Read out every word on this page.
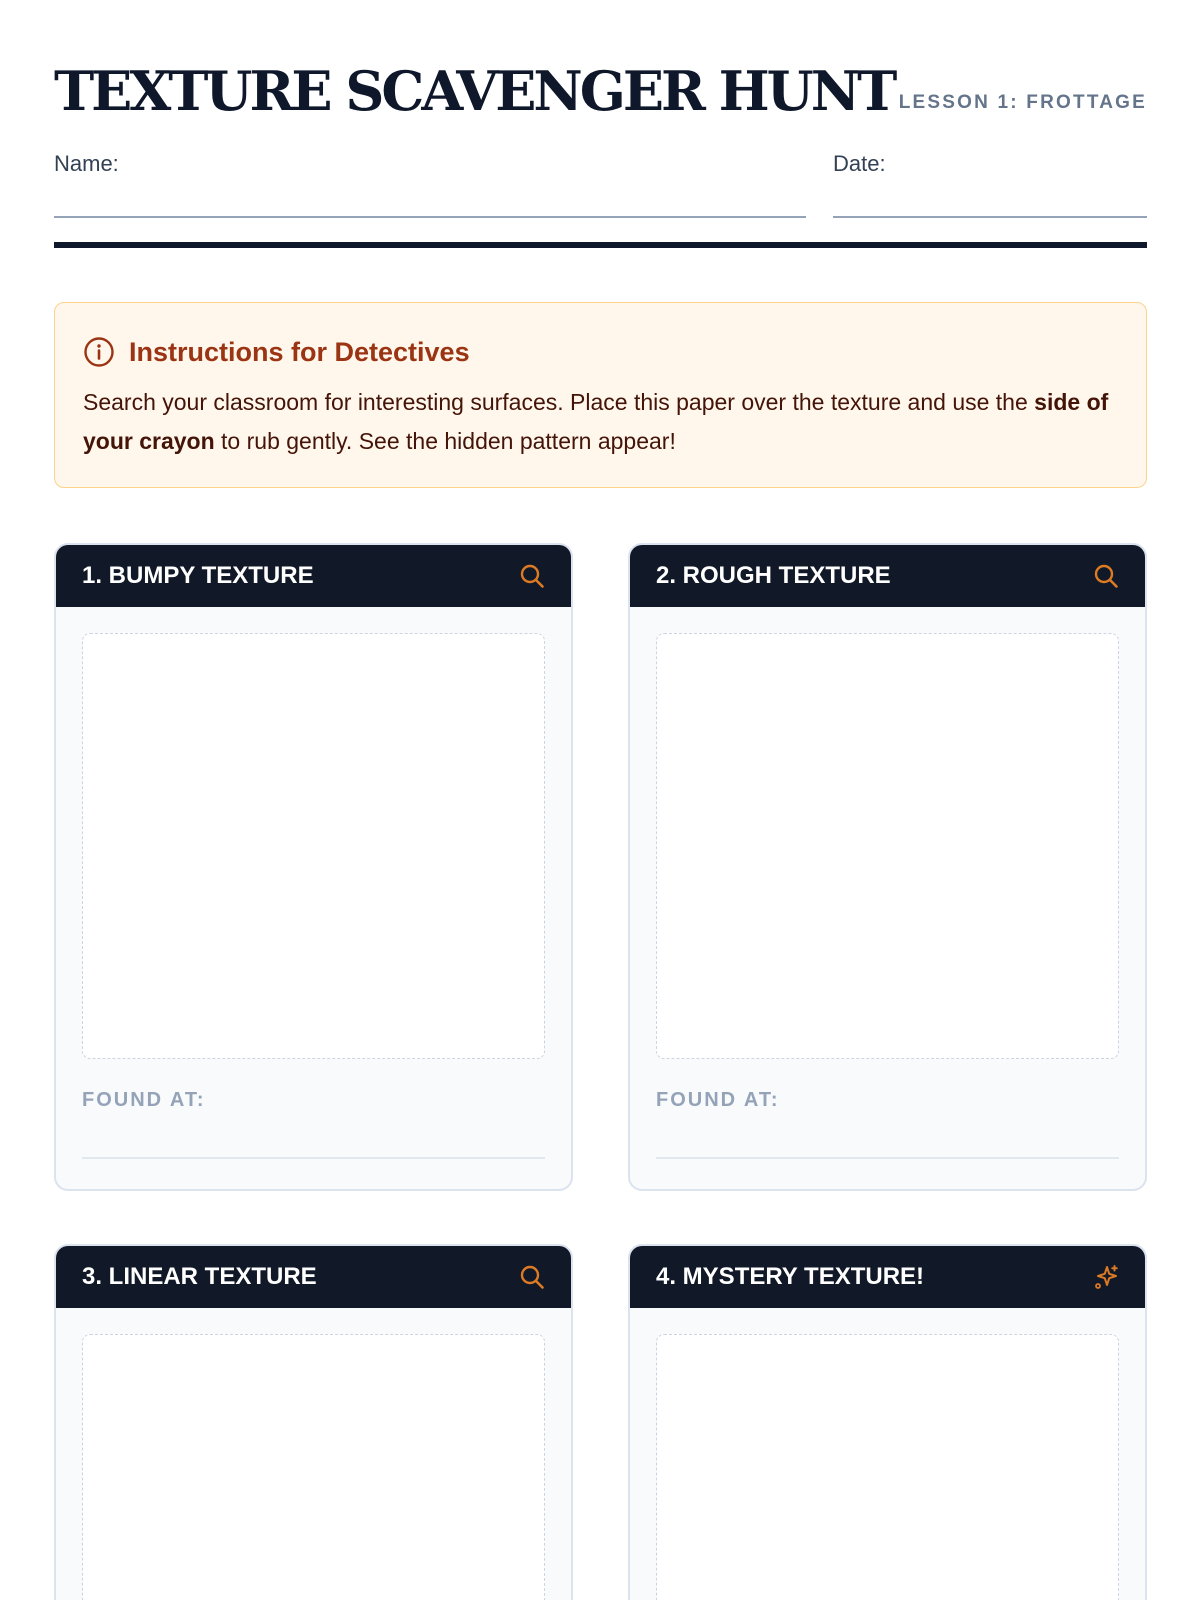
TEXTURE SCAVENGER HUNT LESSON 1: FROTTAGE
Name:	Date:
Instructions for Detectives

Search your classroom for interesting surfaces. Place this paper over the texture and use the side of your crayon to rub gently. See the hidden pattern appear!

1. BUMPY TEXTURE
FOUND AT:
2. ROUGH TEXTURE
FOUND AT:
3. LINEAR TEXTURE	4. MYSTERY TEXTURE!
